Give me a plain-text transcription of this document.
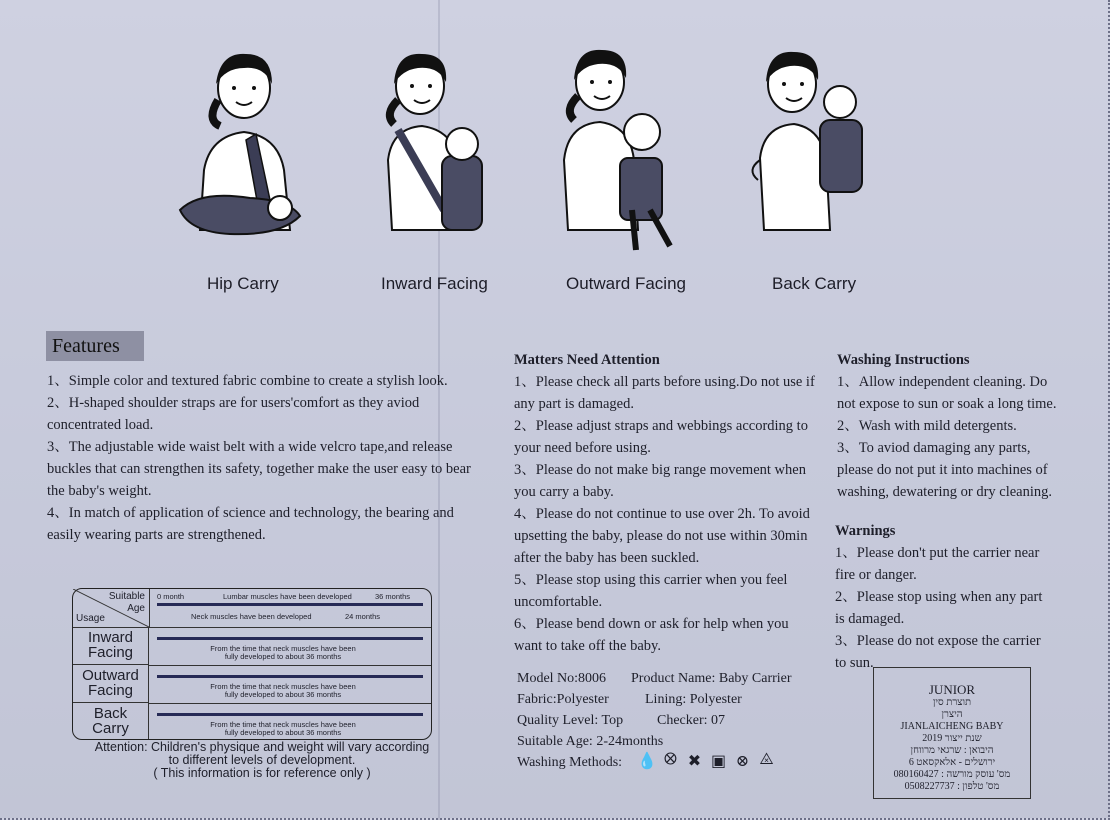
Hip Carry	Inward Facing	Outward Facing	Back Carry
Features

1、Simple color and textured fabric combine to create a stylish look.

2、H-shaped shoulder straps are for users'comfort as they aviod concentrated load.

3、The adjustable wide waist belt with a wide velcro tape,and release buckles that can strengthen its safety, together make the user easy to bear the baby's weight.

4、In match of application of science and technology, the bearing and easily wearing parts are strengthened.

Suitable
Age
Usage
0 month	Lumbar muscles have been developed	36 months
Neck muscles have been developed	24 months
Inward
Facing	From the time that neck muscles have been fully developed to about 36 months
Outward
Facing	From the time that neck muscles have been fully developed to about 36 months
Back
Carry	From the time that neck muscles have been fully developed to about 36 months
Attention: Children's physique and weight will vary according
to different levels of development.
( This information is for reference only )
Matters Need Attention

1、Please check all parts before using.Do not use if any part is damaged.

2、Please adjust straps and webbings according to your need before using.

3、Please do not make big range movement when you carry a baby.

4、Please do not continue to use over 2h. To avoid upsetting the baby, please do not use within 30min after the baby has been suckled.

5、Please stop using this carrier when you feel uncomfortable.

6、Please bend down or ask for help when you want to take off the baby.

Washing Instructions

1、Allow independent cleaning. Do not expose to sun or soak a long time.

2、Wash with mild detergents.

3、To aviod damaging any parts, please do not put it into machines of washing, dewatering or dry cleaning.

Warnings

1、Please don't put the carrier near fire or danger.

2、Please stop using when any part is damaged.

3、Please do not expose the carrier to sun.

Model No:8006 Product Name: Baby Carrier
Fabric:Polyester	Lining: Polyester
Quality Level: Top Checker: 07
Suitable Age: 2-24months
Washing Methods: 💧 ⭙ ✖ ▣ ⊗ ⨻
JUNIOR
תוצרת סין
היצרן
JIANLAICHENG BABY
2019 שנת ייצור
היבואן : שרגאי מרווחן
6 ירושלים - אלאקסאט
080160427 : מס' עוסק מורשה
0508227737 : מס' טלפון
